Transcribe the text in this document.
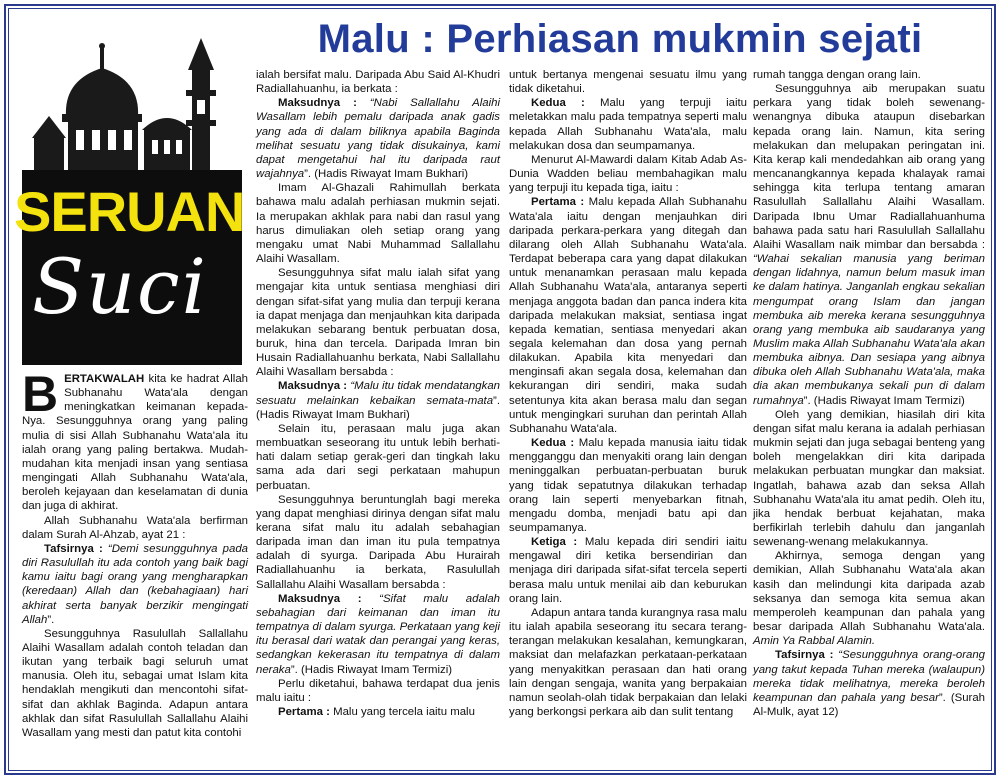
Malu : Perhiasan mukmin sejati
SERUAN
Suci

BERTAKWALAH kita ke hadrat Allah Subhanahu Wata'ala dengan meningkatkan keimanan kepada-Nya. Sesungguhnya orang yang paling mulia di sisi Allah Subhanahu Wata'ala itu ialah orang yang paling bertakwa. Mudah-mudahan kita menjadi insan yang sentiasa mengingati Allah Subhanahu Wata'ala, beroleh kejayaan dan keselamatan di dunia dan juga di akhirat.

Allah Subhanahu Wata'ala berfirman dalam Surah Al-Ahzab, ayat 21 :

Tafsirnya : “Demi sesungguhnya pada diri Rasulullah itu ada contoh yang baik bagi kamu iaitu bagi orang yang mengharapkan (keredaan) Allah dan (kebahagiaan) hari akhirat serta banyak berzikir mengingati Allah”.

Sesungguhnya Rasulullah Sallallahu Alaihi Wasallam adalah contoh teladan dan ikutan yang terbaik bagi seluruh umat manusia. Oleh itu, sebagai umat Islam kita hendaklah mengikuti dan mencontohi sifat-sifat dan akhlak Baginda. Adapun antara akhlak dan sifat Rasulullah Sallallahu Alaihi Wasallam yang mesti dan patut kita contohi

ialah bersifat malu. Daripada Abu Said Al-Khudri Radiallahuanhu, ia berkata :

Maksudnya : “Nabi Sallallahu Alaihi Wasallam lebih pemalu daripada anak gadis yang ada di dalam biliknya apabila Baginda melihat sesuatu yang tidak disukainya, kami dapat mengetahui hal itu daripada raut wajahnya”. (Hadis Riwayat Imam Bukhari)

Imam Al-Ghazali Rahimullah berkata bahawa malu adalah perhiasan mukmin sejati. Ia merupakan akhlak para nabi dan rasul yang harus dimuliakan oleh setiap orang yang mengaku umat Nabi Muhammad Sallallahu Alaihi Wasallam.

Sesungguhnya sifat malu ialah sifat yang mengajar kita untuk sentiasa menghiasi diri dengan sifat-sifat yang mulia dan terpuji kerana ia dapat menjaga dan menjauhkan kita daripada melakukan sebarang bentuk perbuatan dosa, buruk, hina dan tercela. Daripada Imran bin Husain Radiallahuanhu berkata, Nabi Sallallahu Alaihi Wasallam bersabda :

Maksudnya : “Malu itu tidak mendatangkan sesuatu melainkan kebaikan semata-mata”. (Hadis Riwayat Imam Bukhari)

Selain itu, perasaan malu juga akan membuatkan seseorang itu untuk lebih berhati-hati dalam setiap gerak-geri dan tingkah laku sama ada dari segi perkataan mahupun perbuatan.

Sesungguhnya beruntunglah bagi mereka yang dapat menghiasi dirinya dengan sifat malu kerana sifat malu itu adalah sebahagian daripada iman dan iman itu pula tempatnya adalah di syurga. Daripada Abu Hurairah Radiallahuanhu ia berkata, Rasulullah Sallallahu Alaihi Wasallam bersabda :

Maksudnya : “Sifat malu adalah sebahagian dari keimanan dan iman itu tempatnya di dalam syurga. Perkataan yang keji itu berasal dari watak dan perangai yang keras, sedangkan kekerasan itu tempatnya di dalam neraka”. (Hadis Riwayat Imam Termizi)

Perlu diketahui, bahawa terdapat dua jenis malu iaitu :

Pertama : Malu yang tercela iaitu malu

untuk bertanya mengenai sesuatu ilmu yang tidak diketahui.

Kedua : Malu yang terpuji iaitu meletakkan malu pada tempatnya seperti malu kepada Allah Subhanahu Wata'ala, malu melakukan dosa dan seumpamanya.

Menurut Al-Mawardi dalam Kitab Adab As-Dunia Wadden beliau membahagikan malu yang terpuji itu kepada tiga, iaitu :

Pertama : Malu kepada Allah Subhanahu Wata'ala iaitu dengan menjauhkan diri daripada perkara-perkara yang ditegah dan dilarang oleh Allah Subhanahu Wata'ala. Terdapat beberapa cara yang dapat dilakukan untuk menanamkan perasaan malu kepada Allah Subhanahu Wata'ala, antaranya seperti menjaga anggota badan dan panca indera kita daripada melakukan maksiat, sentiasa ingat kepada kematian, sentiasa menyedari akan segala kelemahan dan dosa yang pernah dilakukan. Apabila kita menyedari dan menginsafi akan segala dosa, kelemahan dan kekurangan diri sendiri, maka sudah setentunya kita akan berasa malu dan segan untuk mengingkari suruhan dan perintah Allah Subhanahu Wata'ala.

Kedua : Malu kepada manusia iaitu tidak mengganggu dan menyakiti orang lain dengan meninggalkan perbuatan-perbuatan buruk yang tidak sepatutnya dilakukan terhadap orang lain seperti menyebarkan fitnah, mengadu domba, menjadi batu api dan seumpamanya.

Ketiga : Malu kepada diri sendiri iaitu mengawal diri ketika bersendirian dan menjaga diri daripada sifat-sifat tercela seperti berasa malu untuk menilai aib dan keburukan orang lain.

Adapun antara tanda kurangnya rasa malu itu ialah apabila seseorang itu secara terang-terangan melakukan kesalahan, kemungkaran, maksiat dan melafazkan perkataan-perkataan yang menyakitkan perasaan dan hati orang lain dengan sengaja, wanita yang berpakaian namun seolah-olah tidak berpakaian dan lelaki yang berkongsi perkara aib dan sulit tentang

rumah tangga dengan orang lain.

Sesungguhnya aib merupakan suatu perkara yang tidak boleh sewenang-wenangnya dibuka ataupun disebarkan kepada orang lain. Namun, kita sering melakukan dan melupakan peringatan ini. Kita kerap kali mendedahkan aib orang yang mencanangkannya kepada khalayak ramai sehingga kita terlupa tentang amaran Rasulullah Sallallahu Alaihi Wasallam. Daripada Ibnu Umar Radiallahuanhuma bahawa pada satu hari Rasulullah Sallallahu Alaihi Wasallam naik mimbar dan bersabda : “Wahai sekalian manusia yang beriman dengan lidahnya, namun belum masuk iman ke dalam hatinya. Janganlah engkau sekalian mengumpat orang Islam dan jangan membuka aib mereka kerana sesungguhnya orang yang membuka aib saudaranya yang Muslim maka Allah Subhanahu Wata'ala akan membuka aibnya. Dan sesiapa yang aibnya dibuka oleh Allah Subhanahu Wata'ala, maka dia akan membukanya sekali pun di dalam rumahnya”. (Hadis Riwayat Imam Termizi)

Oleh yang demikian, hiasilah diri kita dengan sifat malu kerana ia adalah perhiasan mukmin sejati dan juga sebagai benteng yang boleh mengelakkan diri kita daripada melakukan perbuatan mungkar dan maksiat. Ingatlah, bahawa azab dan seksa Allah Subhanahu Wata'ala itu amat pedih. Oleh itu, jika hendak berbuat kejahatan, maka berfikirlah terlebih dahulu dan janganlah sewenang-wenang melakukannya.

Akhirnya, semoga dengan yang demikian, Allah Subhanahu Wata'ala akan kasih dan melindungi kita daripada azab seksanya dan semoga kita semua akan memperoleh keampunan dan pahala yang besar daripada Allah Subhanahu Wata'ala. Amin Ya Rabbal Alamin.

Tafsirnya : “Sesungguhnya orang-orang yang takut kepada Tuhan mereka (walaupun) mereka tidak melihatnya, mereka beroleh keampunan dan pahala yang besar”. (Surah Al-Mulk, ayat 12)
